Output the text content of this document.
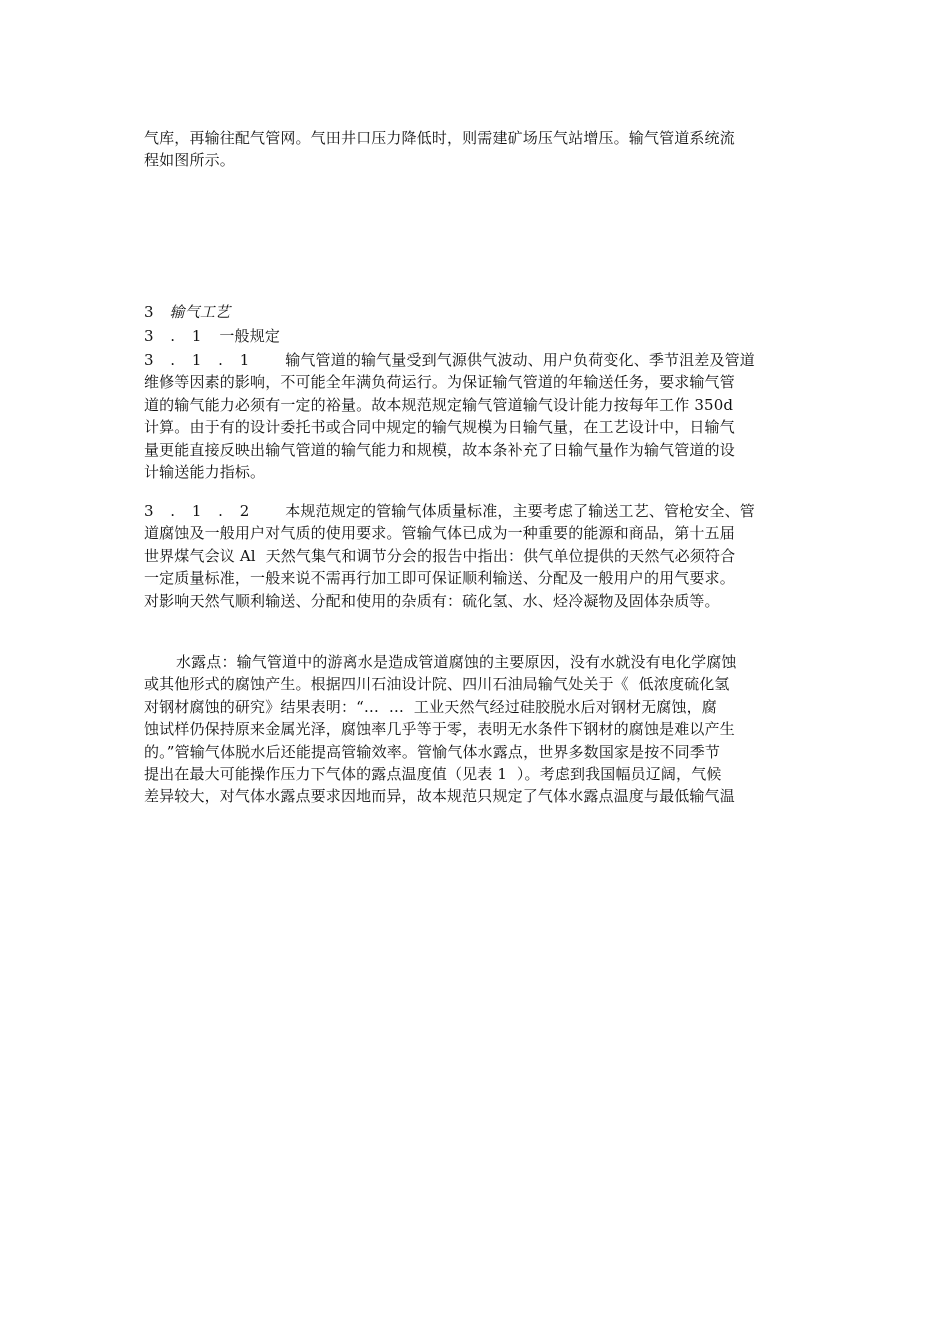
气库，再输往配气管网。气田井口压力降低时，则需建矿场压气站增压。输气管道系统流
程如图所示。
3 输气工艺
3 . 1 一般规定
3 . 1 . 1 输气管道的输气量受到气源供气波动、用户负荷变化、季节沮差及管道
维修等因素的影响，不可能全年满负荷运行。为保证输气管道的年输送任务，要求输气管
道的输气能力必须有一定的裕量。故本规范规定输气管道输气设计能力按每年工作 350d
计算。由于有的设计委托书或合同中规定的输气规模为日输气量，在工艺设计中，日输气
量更能直接反映出输气管道的输气能力和规模，故本条补充了日输气量作为输气管道的设
计输送能力指标。
3 . 1 . 2 本规范规定的管输气体质量标准，主要考虑了输送工艺、管枪安全、管
道腐蚀及一般用户对气质的使用要求。管输气体已成为一种重要的能源和商品，第十五届
世界煤气会议 Al  天然气集气和调节分会的报告中指出：供气单位提供的天然气必须符合
一定质量标准，一般来说不需再行加工即可保证顺利输送、分配及一般用户的用气要求。
对影响天然气顺利输送、分配和使用的杂质有：硫化氢、水、烃冷凝物及固体杂质等。
水露点：输气管道中的游离水是造成管道腐蚀的主要原因，没有水就没有电化学腐蚀
或其他形式的腐蚀产生。根据四川石油设计院、四川石油局输气处关于《  低浓度硫化氢
对钢材腐蚀的研究》结果表明：“…  …  工业天然气经过硅胶脱水后对钢材无腐蚀，腐
蚀试样仍保持原来金属光泽，腐蚀率几乎等于零，表明无水条件下钢材的腐蚀是难以产生
的。”管输气体脱水后还能提高管输效率。管愉气体水露点，世界多数国家是按不同季节
提出在最大可能操作压力下气体的露点温度值（见表 1  ）。考虑到我国幅员辽阔，气候
差异较大，对气体水露点要求因地而异，故本规范只规定了气体水露点温度与最低输气温
